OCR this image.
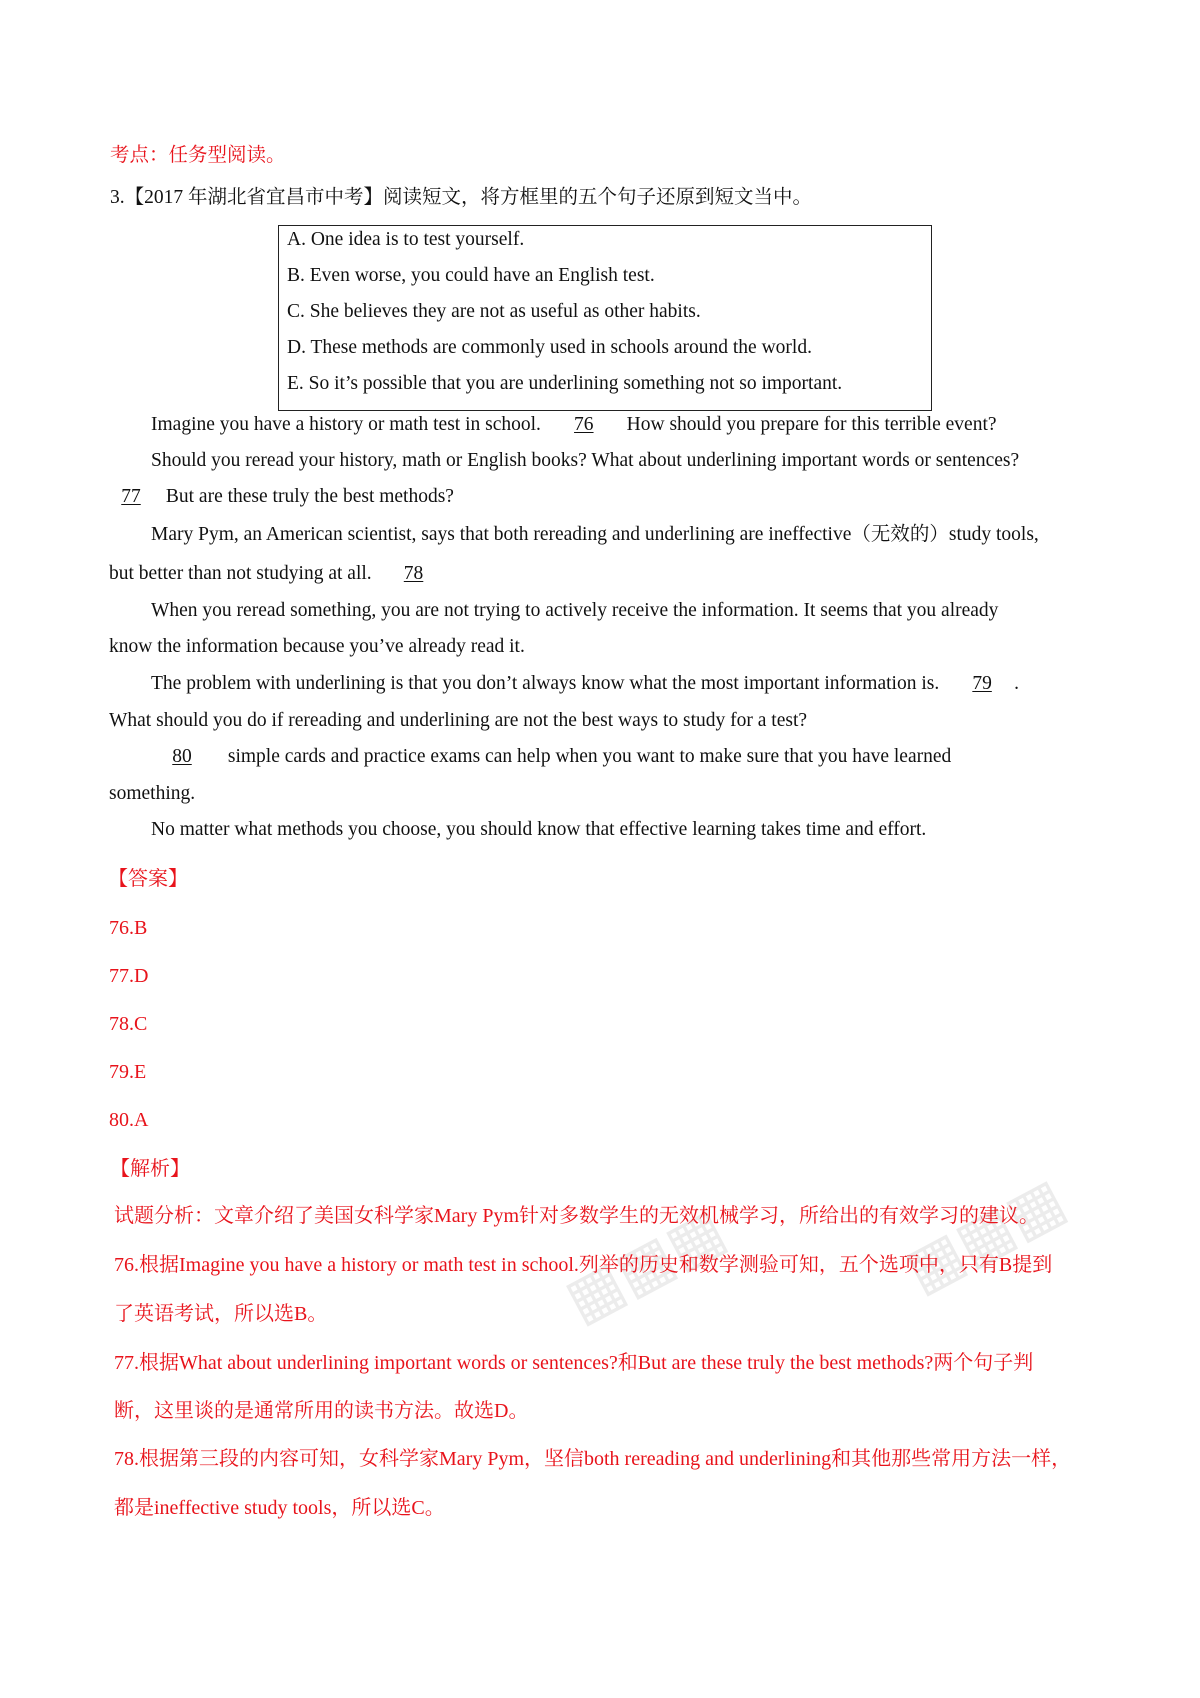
▦▦▦	▦▦▦
考点：任务型阅读。
3.【2017 年湖北省宜昌市中考】阅读短文，将方框里的五个句子还原到短文当中。
A. One idea is to test yourself.
B. Even worse, you could have an English test.
C. She believes they are not as useful as other habits.
D. These methods are commonly used in schools around the world.
E. So it’s possible that you are underlining something not so important.
Imagine you have a history or math test in school. 76 How should you prepare for this terrible event?
Should you reread your history, math or English books? What about underlining important words or sentences?
77 But are these truly the best methods?
Mary Pym, an American scientist, says that both rereading and underlining are ineffective（无效的）study tools,
but better than not studying at all. 78
When you reread something, you are not trying to actively receive the information. It seems that you already
know the information because you’ve already read it.
The problem with underlining is that you don’t always know what the most important information is. 79 .
What should you do if rereading and underlining are not the best ways to study for a test?
80 simple cards and practice exams can help when you want to make sure that you have learned
something.
No matter what methods you choose, you should know that effective learning takes time and effort.
【答案】
76.B
77.D
78.C
79.E
80.A
【解析】
试题分析：文章介绍了美国女科学家Mary Pym针对多数学生的无效机械学习，所给出的有效学习的建议。
76.根据Imagine you have a history or math test in school.列举的历史和数学测验可知，五个选项中，只有B提到
了英语考试，所以选B。
77.根据What about underlining important words or sentences?和But are these truly the best methods?两个句子判
断，这里谈的是通常所用的读书方法。故选D。
78.根据第三段的内容可知，女科学家Mary Pym，坚信both rereading and underlining和其他那些常用方法一样，
都是ineffective study tools，所以选C。
